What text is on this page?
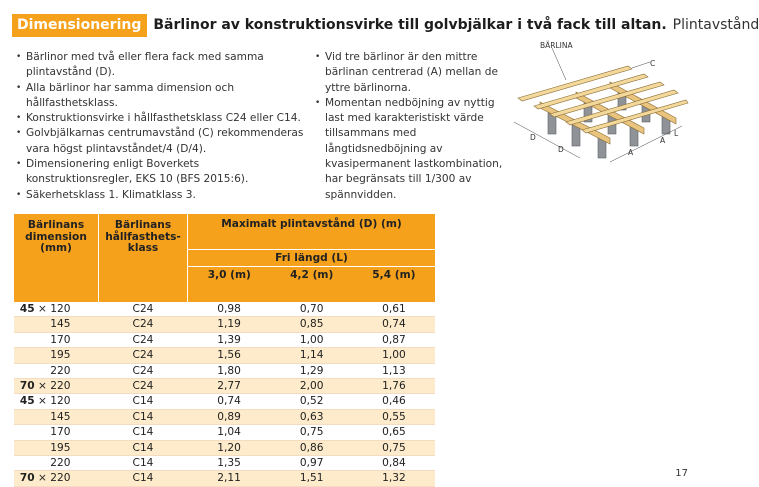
Dimensionering Bärlinor av konstruktionsvirke till golvbjälkar i två fack till altan. Plintavstånd
• Bärlinor med två eller flera fack med samma plintavstånd (D).
• Alla bärlinor har samma dimension och hållfasthetsklass.
• Konstruktionsvirke i hållfasthetsklass C24 eller C14.
• Golvbjälkarnas centrumavstånd (C) rekommenderas vara högst plintavståndet/4 (D/4).
• Dimensionering enligt Boverkets konstruktionsregler, EKS 10 (BFS 2015:6).
• Säkerhetsklass 1. Klimatklass 3.
• Vid tre bärlinor är den mittre bärlinan centrerad (A) mellan de yttre bärlinorna.
• Momentan nedböjning av nyttig last med karakteristiskt värde tillsammans med långtidsnedböjning av kvasipermanent lastkombination, har begränsats till 1/300 av spännvidden.
BÄRLINA
C
D
D	A
A
L
Bärlinans dimension (mm)	Bärlinans hållfasthets-klass	Maximalt plintavstånd (D) (m)		
		Fri längd (L)		
		3,0 (m)	4,2 (m)	5,4 (m)
45 × 120	C24	0,98	0,70	0,61
145	C24	1,19	0,85	0,74
170	C24	1,39	1,00	0,87
195	C24	1,56	1,14	1,00
220	C24	1,80	1,29	1,13
70 × 220	C24	2,77	2,00	1,76
45 × 120	C14	0,74	0,52	0,46
145	C14	0,89	0,63	0,55
170	C14	1,04	0,75	0,65
195	C14	1,20	0,86	0,75
220	C14	1,35	0,97	0,84
70 × 220	C14	2,11	1,51	1,32	17
